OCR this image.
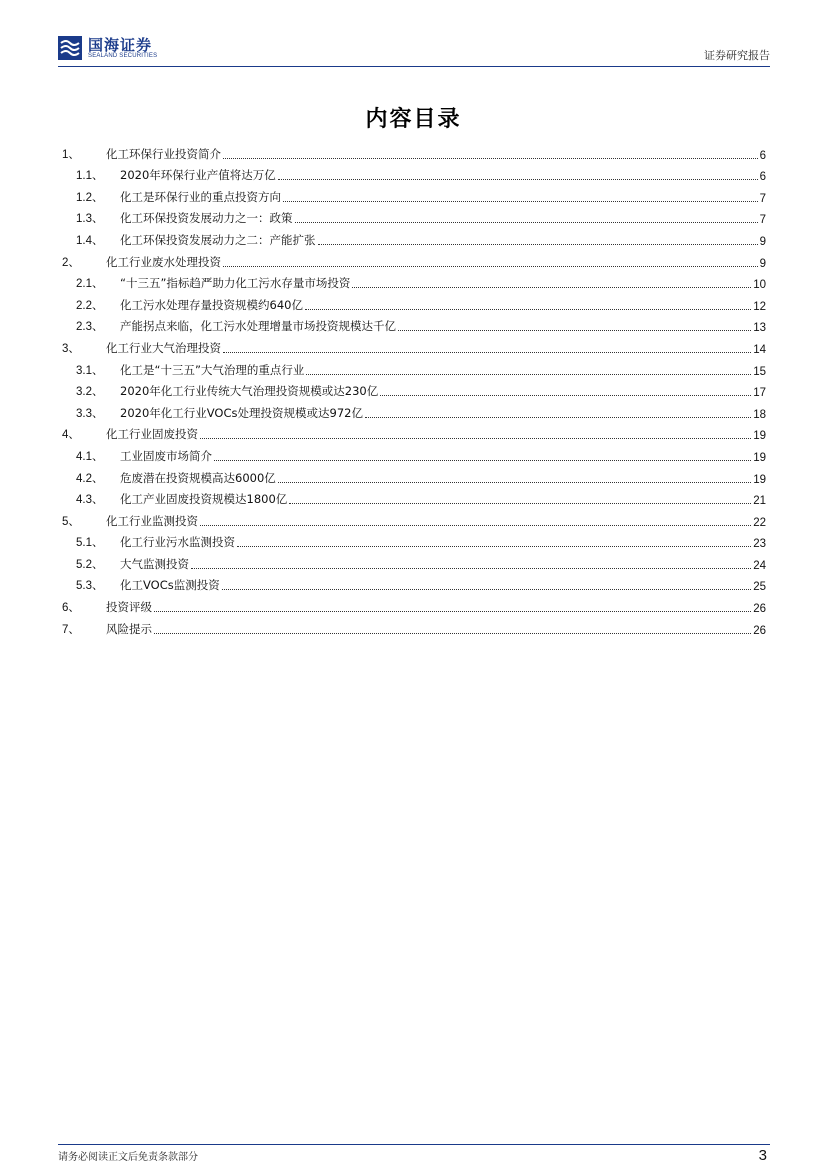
国海证券
SEALAND SECURITIES	证券研究报告
内容目录
1、	化工环保行业投资简介	6
1.1、	2020年环保行业产值将达万亿	6
1.2、	化工是环保行业的重点投资方向	7
1.3、	化工环保投资发展动力之一：政策	7
1.4、	化工环保投资发展动力之二：产能扩张	9
2、	化工行业废水处理投资	9
2.1、	“十三五”指标趋严助力化工污水存量市场投资	10
2.2、	化工污水处理存量投资规模约640亿	12
2.3、	产能拐点来临，化工污水处理增量市场投资规模达千亿	13
3、	化工行业大气治理投资	14
3.1、	化工是“十三五”大气治理的重点行业	15
3.2、	2020年化工行业传统大气治理投资规模或达230亿	17
3.3、	2020年化工行业VOCs处理投资规模或达972亿	18
4、	化工行业固废投资	19
4.1、	工业固废市场简介	19
4.2、	危废潜在投资规模高达6000亿	19
4.3、	化工产业固废投资规模达1800亿	21
5、	化工行业监测投资	22
5.1、	化工行业污水监测投资	23
5.2、	大气监测投资	24
5.3、	化工VOCs监测投资	25
6、	投资评级	26
7、	风险提示	26
请务必阅读正文后免责条款部分	3
